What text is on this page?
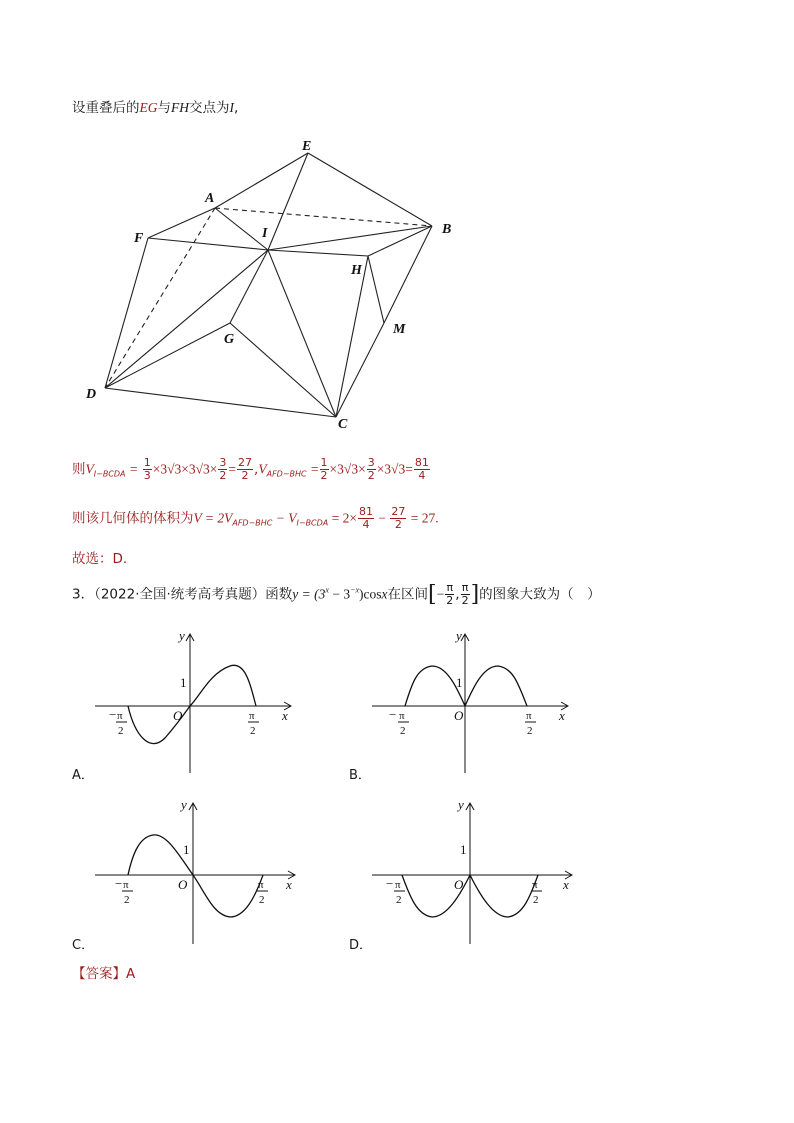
设重叠后的EG与FH交点为I,
E
A
F	I	B
H
M
G
D
C
则$V_{I-BCDA} = \frac{1}{3} \times 3√3\times 3√3\times \frac{3}{2} = \frac{27}{2} ,V_{AFD-BHC} = \frac{1}{2} \times 3√3\times \frac{3}{2} \times 3√3= \frac{81}{4}$
则该几何体的体积为$V = 2V_{AFD-BHC} - V_{I-BCDA} = 2\times \frac{81}{4} - \frac{27}{2} = 27$.
故选：D.
3．（2022·全国·统考高考真题）函数$y = (3^x - 3^{-x})\cos x$在区间[− $\frac{\pi}{2}$ , $\frac{\pi}{2}$ ]的图象大致为（　）
y
x
O
1
− π
2
π
2
A．
y
x
O
1
− π
2
π
2
B．
y
x
O
1
− π
2
π
2
C．
y
x
O
1
− π
2
π
2
D．
【答案】A
